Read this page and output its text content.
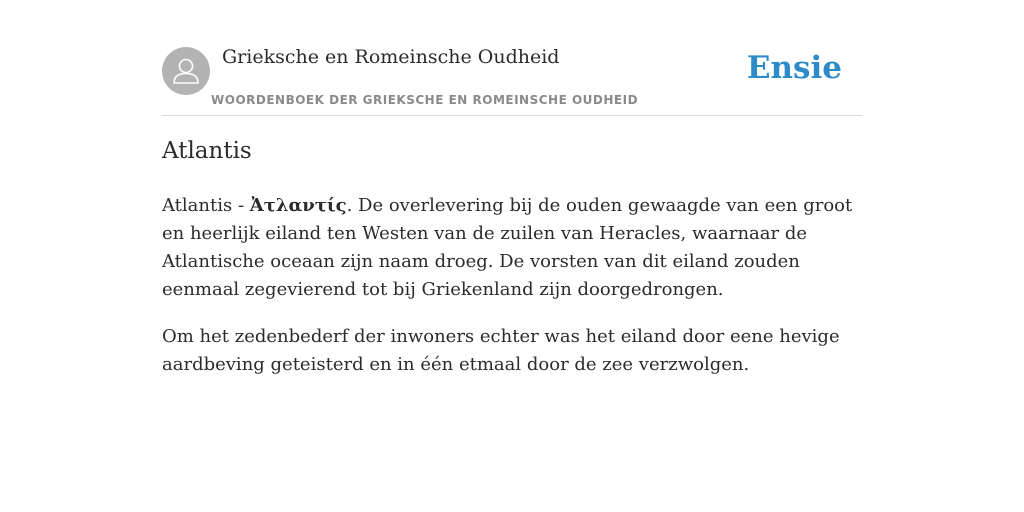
Grieksche en Romeinsche Oudheid
WOORDENBOEK DER GRIEKSCHE EN ROMEINSCHE OUDHEID
Ensie
Atlantis

Atlantis - Ἀτλαντίς. De overlevering bij de ouden gewaagde van een groot en heerlijk eiland ten Westen van de zuilen van Heracles, waarnaar de Atlantische oceaan zijn naam droeg. De vorsten van dit eiland zouden eenmaal zegevierend tot bij Griekenland zijn doorgedrongen.

Om het zedenbederf der inwoners echter was het eiland door eene hevige aardbeving geteisterd en in één etmaal door de zee verzwolgen.
